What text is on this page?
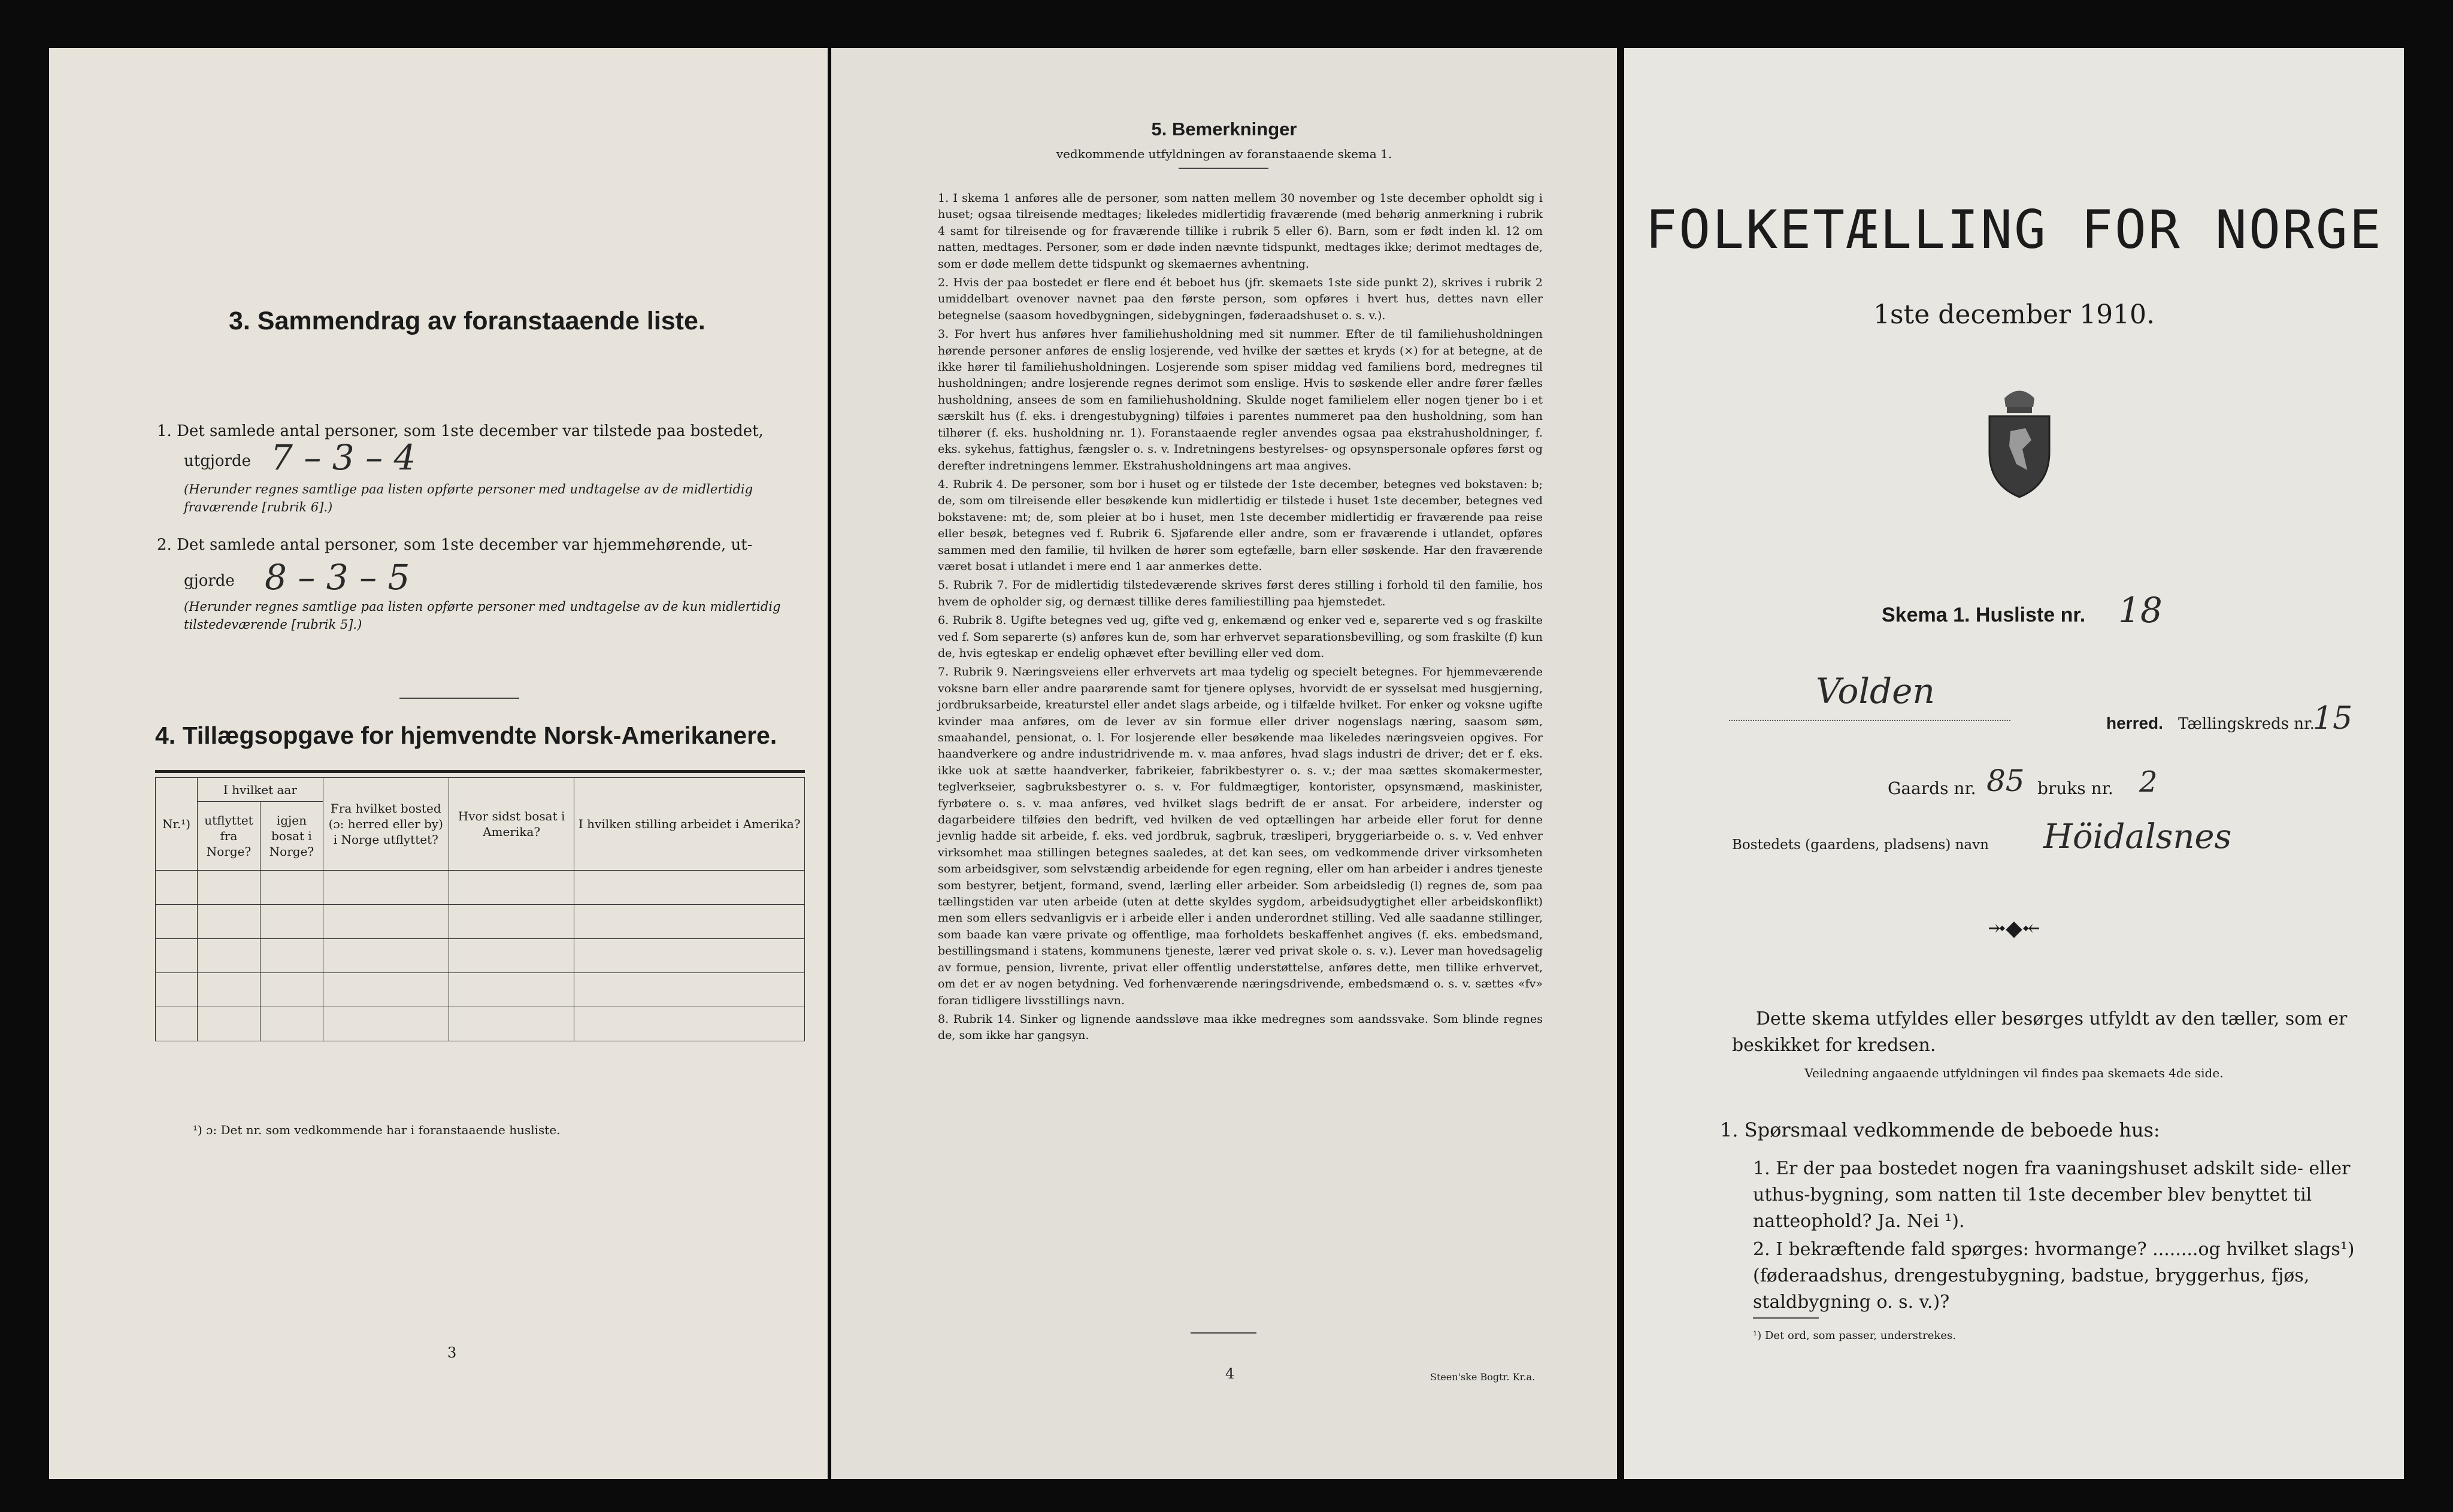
3. Sammendrag av foranstaaende liste.
1. Det samlede antal personer, som 1ste december var tilstede paa bostedet,
utgjorde 7 – 3 – 4
(Herunder regnes samtlige paa listen opførte personer med undtagelse av de midlertidig fraværende [rubrik 6].)
2. Det samlede antal personer, som 1ste december var hjemmehørende, ut-
gjorde 8 – 3 – 5
(Herunder regnes samtlige paa listen opførte personer med undtagelse av de kun midlertidig tilstedeværende [rubrik 5].)
4. Tillægsopgave for hjemvendte Norsk-Amerikanere.
Nr.¹)	I hvilket aar		Fra hvilket bosted (ɔ: herred eller by) i Norge utflyttet?	Hvor sidst bosat i Amerika?	I hvilken stilling arbeidet i Amerika?
	utflyttet fra Norge?	igjen bosat i Norge?			

¹) ɔ: Det nr. som vedkommende har i foranstaaende husliste.
3
5. Bemerkninger
vedkommende utfyldningen av foranstaaende skema 1.

1. I skema 1 anføres alle de personer, som natten mellem 30 november og 1ste december opholdt sig i huset; ogsaa tilreisende medtages; likeledes midlertidig fraværende (med behørig anmerkning i rubrik 4 samt for tilreisende og for fraværende tillike i rubrik 5 eller 6). Barn, som er født inden kl. 12 om natten, medtages. Personer, som er døde inden nævnte tidspunkt, medtages ikke; derimot medtages de, som er døde mellem dette tidspunkt og skemaernes avhentning.

2. Hvis der paa bostedet er flere end ét beboet hus (jfr. skemaets 1ste side punkt 2), skrives i rubrik 2 umiddelbart ovenover navnet paa den første person, som opføres i hvert hus, dettes navn eller betegnelse (saasom hovedbygningen, sidebygningen, føderaadshuset o. s. v.).

3. For hvert hus anføres hver familiehusholdning med sit nummer. Efter de til familiehusholdningen hørende personer anføres de enslig losjerende, ved hvilke der sættes et kryds (×) for at betegne, at de ikke hører til familiehusholdningen. Losjerende som spiser middag ved familiens bord, medregnes til husholdningen; andre losjerende regnes derimot som enslige. Hvis to søskende eller andre fører fælles husholdning, ansees de som en familiehusholdning. Skulde noget familielem eller nogen tjener bo i et særskilt hus (f. eks. i drengestubygning) tilføies i parentes nummeret paa den husholdning, som han tilhører (f. eks. husholdning nr. 1). Foranstaaende regler anvendes ogsaa paa ekstrahusholdninger, f. eks. sykehus, fattighus, fængsler o. s. v. Indretningens bestyrelses- og opsynspersonale opføres først og derefter indretningens lemmer. Ekstrahusholdningens art maa angives.

4. Rubrik 4. De personer, som bor i huset og er tilstede der 1ste december, betegnes ved bokstaven: b; de, som om tilreisende eller besøkende kun midlertidig er tilstede i huset 1ste december, betegnes ved bokstavene: mt; de, som pleier at bo i huset, men 1ste december midlertidig er fraværende paa reise eller besøk, betegnes ved f. Rubrik 6. Sjøfarende eller andre, som er fraværende i utlandet, opføres sammen med den familie, til hvilken de hører som egtefælle, barn eller søskende. Har den fraværende været bosat i utlandet i mere end 1 aar anmerkes dette.

5. Rubrik 7. For de midlertidig tilstedeværende skrives først deres stilling i forhold til den familie, hos hvem de opholder sig, og dernæst tillike deres familiestilling paa hjemstedet.

6. Rubrik 8. Ugifte betegnes ved ug, gifte ved g, enkemænd og enker ved e, separerte ved s og fraskilte ved f. Som separerte (s) anføres kun de, som har erhvervet separationsbevilling, og som fraskilte (f) kun de, hvis egteskap er endelig ophævet efter bevilling eller ved dom.

7. Rubrik 9. Næringsveiens eller erhvervets art maa tydelig og specielt betegnes. For hjemmeværende voksne barn eller andre paarørende samt for tjenere oplyses, hvorvidt de er sysselsat med husgjerning, jordbruksarbeide, kreaturstel eller andet slags arbeide, og i tilfælde hvilket. For enker og voksne ugifte kvinder maa anføres, om de lever av sin formue eller driver nogenslags næring, saasom søm, smaahandel, pensionat, o. l. For losjerende eller besøkende maa likeledes næringsveien opgives. For haandverkere og andre industridrivende m. v. maa anføres, hvad slags industri de driver; det er f. eks. ikke uok at sætte haandverker, fabrikeier, fabrikbestyrer o. s. v.; der maa sættes skomakermester, teglverkseier, sagbruksbestyrer o. s. v. For fuldmægtiger, kontorister, opsynsmænd, maskinister, fyrbøtere o. s. v. maa anføres, ved hvilket slags bedrift de er ansat. For arbeidere, inderster og dagarbeidere tilføies den bedrift, ved hvilken de ved optællingen har arbeide eller forut for denne jevnlig hadde sit arbeide, f. eks. ved jordbruk, sagbruk, træsliperi, bryggeriarbeide o. s. v. Ved enhver virksomhet maa stillingen betegnes saaledes, at det kan sees, om vedkommende driver virksomheten som arbeidsgiver, som selvstændig arbeidende for egen regning, eller om han arbeider i andres tjeneste som bestyrer, betjent, formand, svend, lærling eller arbeider. Som arbeidsledig (l) regnes de, som paa tællingstiden var uten arbeide (uten at dette skyldes sygdom, arbeidsudygtighet eller arbeidskonflikt) men som ellers sedvanligvis er i arbeide eller i anden underordnet stilling. Ved alle saadanne stillinger, som baade kan være private og offentlige, maa forholdets beskaffenhet angives (f. eks. embedsmand, bestillingsmand i statens, kommunens tjeneste, lærer ved privat skole o. s. v.). Lever man hovedsagelig av formue, pension, livrente, privat eller offentlig understøttelse, anføres dette, men tillike erhvervet, om det er av nogen betydning. Ved forhenværende næringsdrivende, embedsmænd o. s. v. sættes «fv» foran tidligere livsstillings navn.

8. Rubrik 14. Sinker og lignende aandssløve maa ikke medregnes som aandssvake. Som blinde regnes de, som ikke har gangsyn.

4	Steen'ske Bogtr. Kr.a.
FOLKETÆLLING FOR NORGE
1ste december 1910.
Skema 1. Husliste nr. 18
Volden
herred. Tællingskreds nr.
15
Gaards nr. 85 bruks nr. 2
Bostedets (gaardens, pladsens) navn Höidalsnes
⤞◆⤝
Dette skema utfyldes eller besørges utfyldt av den tæller, som er beskikket for kredsen.
Veiledning angaaende utfyldningen vil findes paa skemaets 4de side.
1. Spørsmaal vedkommende de beboede hus:
1. Er der paa bostedet nogen fra vaaningshuset adskilt side- eller uthus-bygning, som natten til 1ste december blev benyttet til natteophold? Ja. Nei ¹).
2. I bekræftende fald spørges: hvormange? ........og hvilket slags¹) (føderaadshus, drengestubygning, badstue, bryggerhus, fjøs, staldbygning o. s. v.)?
¹) Det ord, som passer, understrekes.
